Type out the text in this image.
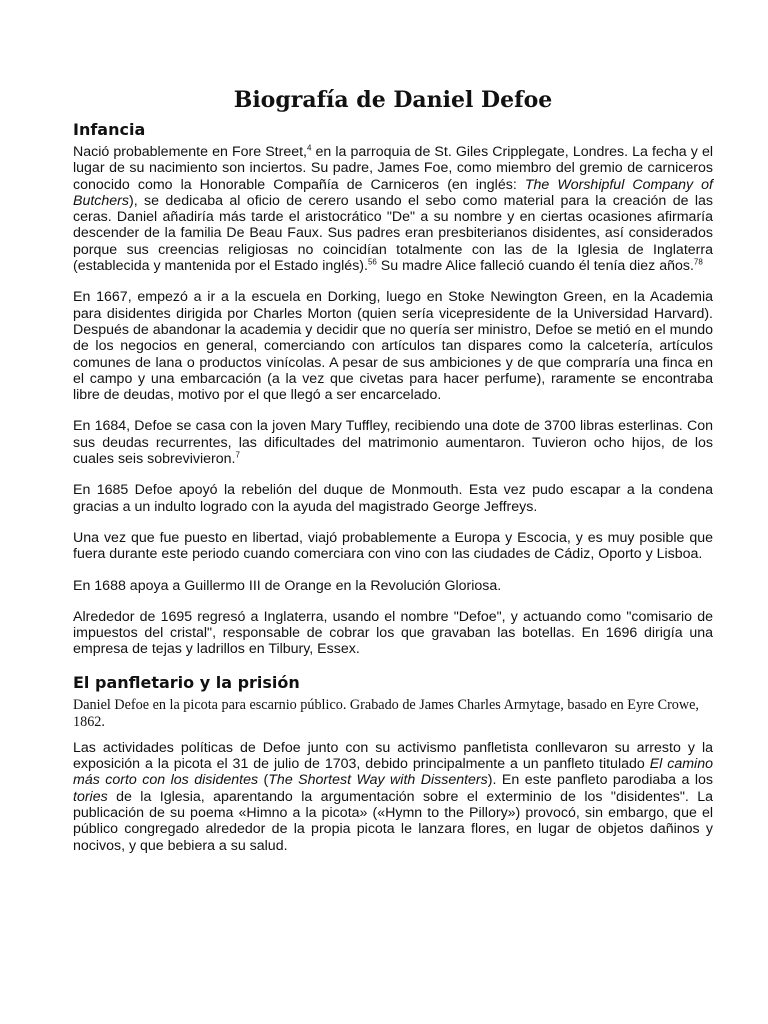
Biografía de Daniel Defoe
Infancia

Nació probablemente en Fore Street,$^4$ en la parroquia de St. Giles Cripplegate, Londres. La fecha y el lugar de su nacimiento son inciertos. Su padre, James Foe, como miembro del gremio de carniceros conocido como la Honorable Compañía de Carniceros (en inglés: The Worshipful Company of Butchers), se dedicaba al oficio de cerero usando el sebo como material para la creación de las ceras. Daniel añadiría más tarde el aristocrático "De" a su nombre y en ciertas ocasiones afirmaría descender de la familia De Beau Faux. Sus padres eran presbiterianos disidentes, así considerados porque sus creencias religiosas no coincidían totalmente con las de la Iglesia de Inglaterra (establecida y mantenida por el Estado inglés).$^{56}$ Su madre Alice falleció cuando él tenía diez años.$^{78}$

En 1667, empezó a ir a la escuela en Dorking, luego en Stoke Newington Green, en la Academia para disidentes dirigida por Charles Morton (quien sería vicepresidente de la Universidad Harvard). Después de abandonar la academia y decidir que no quería ser ministro, Defoe se metió en el mundo de los negocios en general, comerciando con artículos tan dispares como la calcetería, artículos comunes de lana o productos vinícolas. A pesar de sus ambiciones y de que compraría una finca en el campo y una embarcación (a la vez que civetas para hacer perfume), raramente se encontraba libre de deudas, motivo por el que llegó a ser encarcelado.

En 1684, Defoe se casa con la joven Mary Tuffley, recibiendo una dote de 3700 libras esterlinas. Con sus deudas recurrentes, las dificultades del matrimonio aumentaron. Tuvieron ocho hijos, de los cuales seis sobrevivieron.$^7$

En 1685 Defoe apoyó la rebelión del duque de Monmouth. Esta vez pudo escapar a la condena gracias a un indulto logrado con la ayuda del magistrado George Jeffreys.

Una vez que fue puesto en libertad, viajó probablemente a Europa y Escocia, y es muy posible que fuera durante este periodo cuando comerciara con vino con las ciudades de Cádiz, Oporto y Lisboa.

En 1688 apoya a Guillermo III de Orange en la Revolución Gloriosa.

Alrededor de 1695 regresó a Inglaterra, usando el nombre "Defoe", y actuando como "comisario de impuestos del cristal", responsable de cobrar los que gravaban las botellas. En 1696 dirigía una empresa de tejas y ladrillos en Tilbury, Essex.

El panfletario y la prisión
Daniel Defoe en la picota para escarnio público. Grabado de James Charles Armytage, basado en Eyre Crowe, 1862.

Las actividades políticas de Defoe junto con su activismo panfletista conllevaron su arresto y la exposición a la picota el 31 de julio de 1703, debido principalmente a un panfleto titulado El camino más corto con los disidentes (The Shortest Way with Dissenters). En este panfleto parodiaba a los tories de la Iglesia, aparentando la argumentación sobre el exterminio de los "disidentes". La publicación de su poema «Himno a la picota» («Hymn to the Pillory») provocó, sin embargo, que el público congregado alrededor de la propia picota le lanzara flores, en lugar de objetos dañinos y nocivos, y que bebiera a su salud.
